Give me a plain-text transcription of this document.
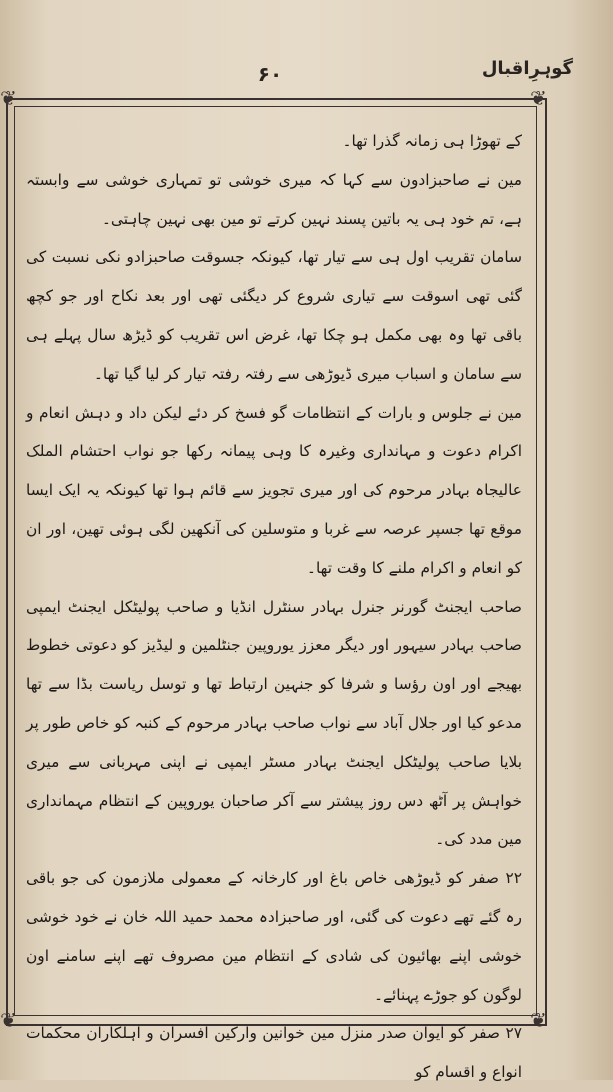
۶۰	گوہرِاقبال
❦	❦
❦	❦

کے تھوڑا ہی زمانہ گذرا تھا۔

مین نے صاحبزادون سے کہا کہ میری خوشی تو تمہاری خوشی سے وابستہ ہے، تم خود ہی یہ باتین پسند نہین کرتے تو مین بھی نہین چاہتی۔

سامان تقریب اول ہی سے تیار تھا، کیونکہ جسوقت صاحبزادو نکی نسبت کی گئی تھی اسوقت سے تیاری شروع کر دیگئی تھی اور بعد نکاح اور جو کچھ باقی تھا وہ بھی مکمل ہو چکا تھا، غرض اس تقریب کو ڈیڑھ سال پہلے ہی سے سامان و اسباب میری ڈیوڑھی سے رفتہ رفتہ تیار کر لیا گیا تھا۔

مین نے جلوس و بارات کے انتظامات گو فسخ کر دئے لیکن داد و دہش انعام و اکرام دعوت و مہانداری وغیرہ کا وہی پیمانہ رکھا جو نواب احتشام الملک عالیجاہ بہادر مرحوم کی اور میری تجویز سے قائم ہوا تھا کیونکہ یہ ایک ایسا موقع تھا جسپر عرصہ سے غربا و متوسلین کی آنکھین لگی ہوئی تھین، اور ان کو انعام و اکرام ملنے کا وقت تھا۔

صاحب ایجنٹ گورنر جنرل بہادر سنٹرل انڈیا و صاحب پولیٹکل ایجنٹ ایمپی صاحب بہادر سیہور اور دیگر معزز یوروپین جنٹلمین و لیڈیز کو دعوتی خطوط بھیجے اور اون رؤسا و شرفا کو جنہین ارتباط تھا و توسل ریاست بڈا سے تھا مدعو کیا اور جلال آباد سے نواب صاحب بہادر مرحوم کے کنبہ کو خاص طور پر بلایا صاحب پولیٹکل ایجنٹ بہادر مسٹر ایمپی نے اپنی مہربانی سے میری خواہش پر آٹھ دس روز پیشتر سے آکر صاحبان یوروپین کے انتظام مہمانداری مین مدد کی۔

۲۲ صفر کو ڈیوڑھی خاص باغ اور کارخانہ کے معمولی ملازمون کی جو باقی رہ گئے تھے دعوت کی گئی، اور صاحبزادہ محمد حمید اللہ خان نے خود خوشی خوشی اپنے بھائیون کی شادی کے انتظام مین مصروف تھے اپنے سامنے اون لوگون کو جوڑے پہنائے۔

۲۷ صفر کو ایوان صدر منزل مین خوانین وارکین افسران و اہلکاران محکمات انواع و اقسام کو
